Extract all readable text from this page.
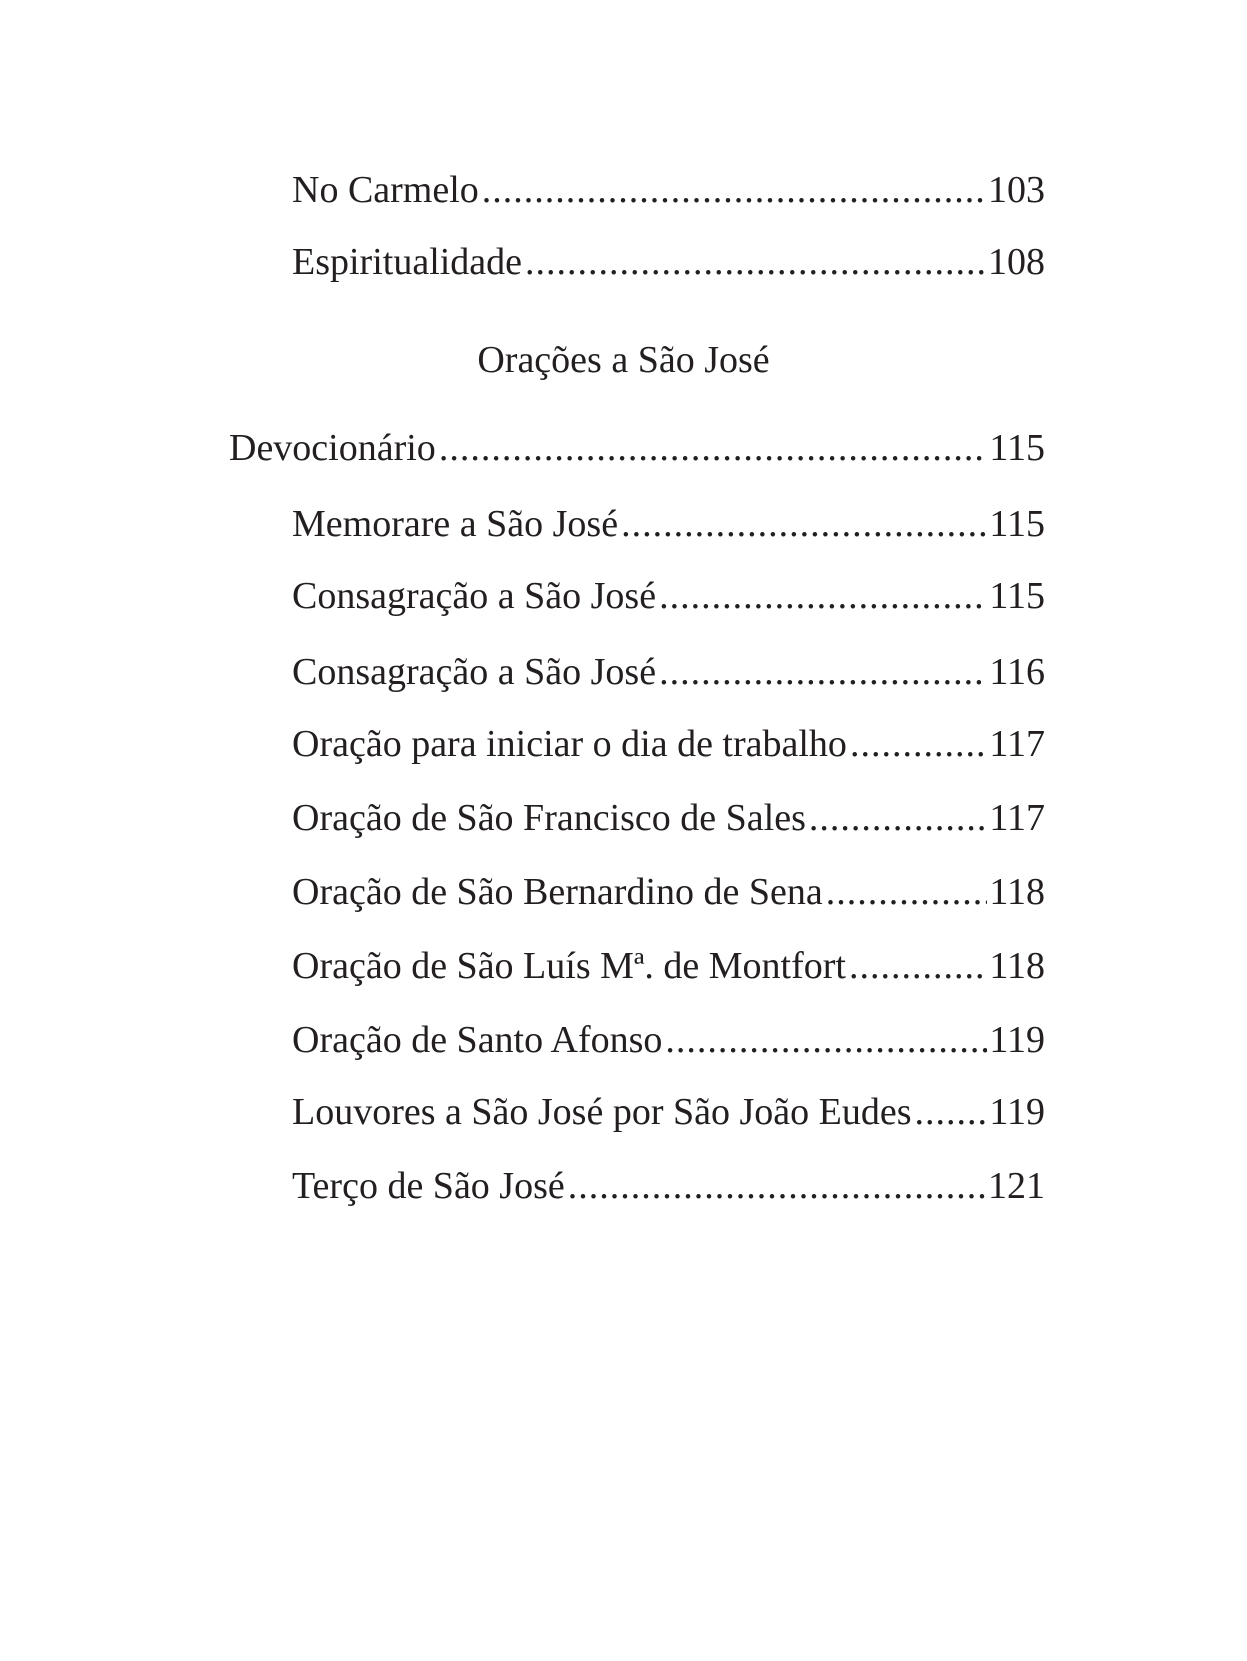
No Carmelo .....	103
Espiritualidade .....	108
Orações a São José
Devocionário .....	115
Memorare a São José .....	115
Consagração a São José .....	115
Consagração a São José .....	116
Oração para iniciar o dia de trabalho .....	117
Oração de São Francisco de Sales .....	117
Oração de São Bernardino de Sena .....	118
Oração de São Luís Mª. de Montfort .....	118
Oração de Santo Afonso .....	119
Louvores a São José por São João Eudes ..... 119
Terço de São José .....	121
